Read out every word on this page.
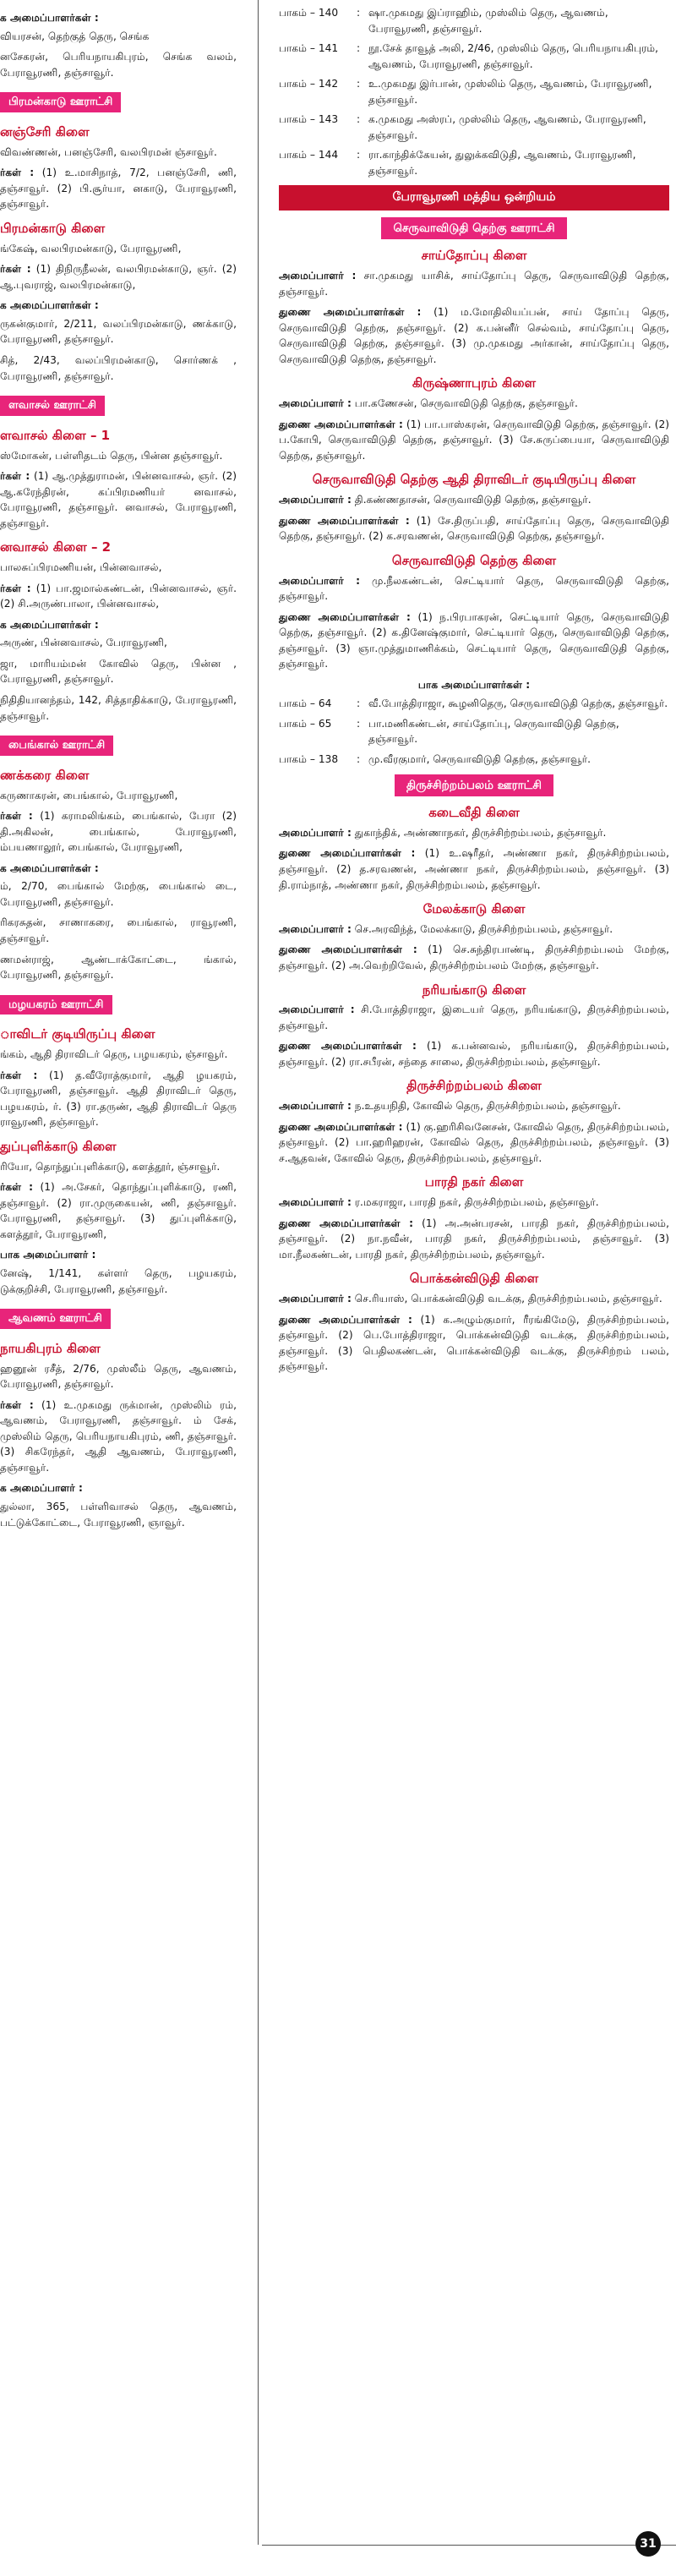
க அமைப்பாளர்கள் :

வியரசன், தெற்குத் தெரு, செங்க

னசேகரன், பெரியநாயகிபுரம், செங்க வலம், பேராவூரணி, தஞ்சாவூர்.

பிரமன்காடு ஊராட்சி
னஞ்சேரி கிளை

விவண்ணன், பனஞ்சேரி, வலபிரமன் ஞ்சாவூர்.

ர்கள் : (1) உ.மாசிநாத், 7/2, பனஞ்சேரி, ணி, தஞ்சாவூர். (2) பி.சூர்யா, னகாடு, பேராவூரணி, தஞ்சாவூர்.

பிரமன்காடு கிளை

ங்கேஷ், வலபிரமன்காடு, பேராவூரணி,

ர்கள் : (1) திநிருநீலன், வலபிரமன்காடு, ஞர். (2) ஆ.புவராஜ், வலபிரமன்காடு,

க அமைப்பாளர்கள் :

ருகன்குமார், 2/211, வலப்பிரமன்காடு, ணக்காடு, பேராவூரணி, தஞ்சாவூர்.

சித், 2/43, வலப்பிரமன்காடு, சொர்ணக் , பேராவூரணி, தஞ்சாவூர்.

ளவாசல் ஊராட்சி
ளவாசல் கிளை – 1

ஸ்மோகன், பள்ளிதடம் தெரு, பின்ன தஞ்சாவூர்.

ர்கள் : (1) ஆ.முத்துராமன், பின்னவாசல், ஞர். (2) ஆ.கரேந்திரன், கப்பிரமணியர் னவாசல், பேராவூரணி, தஞ்சாவூர். னவாசல், பேராவூரணி, தஞ்சாவூர்.

னவாசல் கிளை – 2

பாலசுப்பிரமணியன், பின்னவாசல்,

ர்கள் : (1) பா.ஜமால்கண்டன், பின்னவாசல், ஞர். (2) சி.அருண்பாலா, பின்னவாசல்,

க அமைப்பாளர்கள் :

அருண், பின்னவாசல், பேராவூரணி,

ஜா, மாரியம்மன் கோவில் தெரு, பின்ன , பேராவூரணி, தஞ்சாவூர்.

நிதிதியானந்தம், 142, சித்தாதிக்காடு, பேராவூரணி, தஞ்சாவூர்.

பைங்கால் ஊராட்சி
ணக்கரை கிளை

கருணாகரன், பைங்கால், பேராவூரணி,

ர்கள் : (1) கராமலிங்கம், பைங்கால், பேரா (2) தி.அகிலன், பைங்கால், பேராவூரணி, ம்பயணாலூர், பைங்கால், பேராவூரணி,

க அமைப்பாளர்கள் :

ம், 2/70, பைங்கால் மேற்கு, பைங்கால் டை, பேராவூரணி, தஞ்சாவூர்.

ரிகரசுதன், சாணாகரை, பைங்கால், ராவூரணி, தஞ்சாவூர்.

ணமன்ராஜ், ஆண்டாக்கோட்டை, ங்கால், பேராவூரணி, தஞ்சாவூர்.

மழயகரம் ஊராட்சி
ாவிடர் குடியிருப்பு கிளை

ங்கம், ஆதி திராவிடர் தெரு, பழயகரம், ஞ்சாவூர்.

ர்கள் : (1) த.வீரோத்குமார், ஆதி ழயகரம், பேராவூரணி, தஞ்சாவூர். ஆதி திராவிடர் தெரு, பழயகரம், ர். (3) ரா.தருண், ஆதி திராவிடர் தெரு ராவூரணி, தஞ்சாவூர்.

துப்புளிக்காடு கிளை

ரியோ, தொந்துப்புளிக்காடு, களத்தூர், ஞ்சாவூர்.

ர்கள் : (1) அ.சேகர், தொந்துப்புளிக்காடு, ரணி, தஞ்சாவூர். (2) ரா.முருகையன், ணி, தஞ்சாவூர். பேராவூரணி, தஞ்சாவூர். (3) துப்புளிக்காடு, களத்தூர், பேராவூரணி,

பாக அமைப்பாளர் :

னேஷ், 1/141, கள்ளர் தெரு, பழயகரம், டுக்குறிச்சி, பேராவூரணி, தஞ்சாவூர்.

ஆவணம் ஊராட்சி
நாயகிபுரம் கிளை

ஹனூன் ரசீத், 2/76, முஸ்லீம் தெரு, ஆவணம், பேராவூரணி, தஞ்சாவூர்.

ர்கள் : (1) உ.முகமது ருக்மான், முஸ்லிம் ரம், ஆவணம், பேராவூரணி, தஞ்சாவூர். ம் சேக், முஸ்லிம் தெரு, பெரியநாயகிபுரம், ணி, தஞ்சாவூர். (3) சிகரேந்தர், ஆதி ஆவணம், பேராவூரணி, தஞ்சாவூர்.

க அமைப்பாளர் :

துல்லா, 365, பள்ளிவாசல் தெரு, ஆவணம், பட்டுக்கோட்டை, பேராவூரணி, ஞாவூர்.

பாகம் – 140	: ஷா.முகமது இப்ராஹிம், முஸ்லிம் தெரு, ஆவணம், பேராவூரணி, தஞ்சாவூர்.
பாகம் – 141	: நூ.சேக் தாவூத் அலி, 2/46, முஸ்லிம் தெரு, பெரியநாயகிபுரம், ஆவணம், பேராவூரணி, தஞ்சாவூர்.
பாகம் – 142	: உ.முகமது இர்பான், முஸ்லிம் தெரு, ஆவணம், பேராவூரணி, தஞ்சாவூர்.
பாகம் – 143	: க.முகமது அஸ்ரப், முஸ்லிம் தெரு, ஆவணம், பேராவூரணி, தஞ்சாவூர்.
பாகம் – 144	: ரா.காந்திக்கேயன், துலுக்கவிடுதி, ஆவணம், பேராவூரணி, தஞ்சாவூர்.
பேராவூரணி மத்திய ஒன்றியம்
செருவாவிடுதி தெற்கு ஊராட்சி
சாய்தோப்பு கிளை

அமைப்பாளர் : சா.முகமது யாசிக், சாய்தோப்பு தெரு, செருவாவிடுதி தெற்கு, தஞ்சாவூர்.

துணை அமைப்பாளர்கள் : (1) ம.மோதிலியப்பன், சாய் தோப்பு தெரு, செருவாவிடுதி தெற்கு, தஞ்சாவூர். (2) க.பன்னீர் செல்வம், சாய்தோப்பு தெரு, செருவாவிடுதி தெற்கு, தஞ்சாவூர். (3) மு.முகமது அர்கான், சாய்தோப்பு தெரு, செருவாவிடுதி தெற்கு, தஞ்சாவூர்.

கிருஷ்ணாபுரம் கிளை

அமைப்பாளர் : பா.கணேசன், செருவாவிடுதி தெற்கு, தஞ்சாவூர்.

துணை அமைப்பாளர்கள் : (1) பா.பாஸ்கரன், செருவாவிடுதி தெற்கு, தஞ்சாவூர். (2) ப.கோபி, செருவாவிடுதி தெற்கு, தஞ்சாவூர். (3) சே.சுருப்பையா, செருவாவிடுதி தெற்கு, தஞ்சாவூர்.

செருவாவிடுதி தெற்கு ஆதி திராவிடர் குடியிருப்பு கிளை

அமைப்பாளர் : தி.கண்ணதாசன், செருவாவிடுதி தெற்கு, தஞ்சாவூர்.

துணை அமைப்பாளர்கள் : (1) சே.திருப்பதி, சாய்தோப்பு தெரு, செருவாவிடுதி தெற்கு, தஞ்சாவூர். (2) க.சரவணன், செருவாவிடுதி தெற்கு, தஞ்சாவூர்.

செருவாவிடுதி தெற்கு கிளை

அமைப்பாளர் : மு.நீலகண்டன், செட்டியார் தெரு, செருவாவிடுதி தெற்கு, தஞ்சாவூர்.

துணை அமைப்பாளர்கள் : (1) ந.பிரபாகரன், செட்டியார் தெரு, செருவாவிடுதி தெற்கு, தஞ்சாவூர். (2) க.தினேஷ்குமார், செட்டியார் தெரு, செருவாவிடுதி தெற்கு, தஞ்சாவூர். (3) ஞா.முத்துமாணிக்கம், செட்டியார் தெரு, செருவாவிடுதி தெற்கு, தஞ்சாவூர்.

பாக அமைப்பாளர்கள் :
பாகம் – 64	: வீ.போத்திராஜா, கூழனிதெரு, செருவாவிடுதி தெற்கு, தஞ்சாவூர்.
பாகம் – 65	: பா.மணிகண்டன், சாய்தோப்பு, செருவாவிடுதி தெற்கு, தஞ்சாவூர்.
பாகம் – 138	: மு.வீரகுமார், செருவாவிடுதி தெற்கு, தஞ்சாவூர்.
திருச்சிற்றம்பலம் ஊராட்சி
கடைவீதி கிளை

அமைப்பாளர் : துகாந்திக், அண்ணாநகர், திருச்சிற்றம்பலம், தஞ்சாவூர்.

துணை அமைப்பாளர்கள் : (1) உ.ஷரீதர், அண்ணா நகர், திருச்சிற்றம்பலம், தஞ்சாவூர். (2) த.சரவணன், அண்ணா நகர், திருச்சிற்றம்பலம், தஞ்சாவூர். (3) தி.ராம்நாத், அண்ணா நகர், திருச்சிற்றம்பலம், தஞ்சாவூர்.

மேலக்காடு கிளை

அமைப்பாளர் : செ.அரவிந்த், மேலக்காடு, திருச்சிற்றம்பலம், தஞ்சாவூர்.

துணை அமைப்பாளர்கள் : (1) செ.சுந்திரபாண்டி, திருச்சிற்றம்பலம் மேற்கு, தஞ்சாவூர். (2) அ.வெற்றிவேல், திருச்சிற்றம்பலம் மேற்கு, தஞ்சாவூர்.

நரியங்காடு கிளை

அமைப்பாளர் : சி.போத்திராஜா, இடையர் தெரு, நரியங்காடு, திருச்சிற்றம்பலம், தஞ்சாவூர்.

துணை அமைப்பாளர்கள் : (1) க.பன்னவல், நரியங்காடு, திருச்சிற்றம்பலம், தஞ்சாவூர். (2) ரா.சபீரன், சந்தை சாலை, திருச்சிற்றம்பலம், தஞ்சாவூர்.

திருச்சிற்றம்பலம் கிளை

அமைப்பாளர் : ந.உதயநிதி, கோவில் தெரு, திருச்சிற்றம்பலம், தஞ்சாவூர்.

துணை அமைப்பாளர்கள் : (1) கு.ஹரிசிவனேசன், கோவில் தெரு, திருச்சிற்றம்பலம், தஞ்சாவூர். (2) பா.ஹரிஹரன், கோவில் தெரு, திருச்சிற்றம்பலம், தஞ்சாவூர். (3) ச.ஆதவன், கோவில் தெரு, திருச்சிற்றம்பலம், தஞ்சாவூர்.

பாரதி நகர் கிளை

அமைப்பாளர் : ர.மகராஜா, பாரதி நகர், திருச்சிற்றம்பலம், தஞ்சாவூர்.

துணை அமைப்பாளர்கள் : (1) அ.அன்பரசன், பாரதி நகர், திருச்சிற்றம்பலம், தஞ்சாவூர். (2) நா.நவீன், பாரதி நகர், திருச்சிற்றம்பலம், தஞ்சாவூர். (3) மா.நீலகண்டன், பாரதி நகர், திருச்சிற்றம்பலம், தஞ்சாவூர்.

பொக்கன்விடுதி கிளை

அமைப்பாளர் : செ.ரியாஸ், பொக்கன்விடுதி வடக்கு, திருச்சிற்றம்பலம், தஞ்சாவூர்.

துணை அமைப்பாளர்கள் : (1) க.அழும்குமார், ரீரங்கிமேடு, திருச்சிற்றம்பலம், தஞ்சாவூர். (2) பெ.போத்திராஜா, பொக்கன்விடுதி வடக்கு, திருச்சிற்றம்பலம், தஞ்சாவூர். (3) பெதிலகண்டன், பொக்கன்விடுதி வடக்கு, திருச்சிற்றம் பலம், தஞ்சாவூர்.

31
